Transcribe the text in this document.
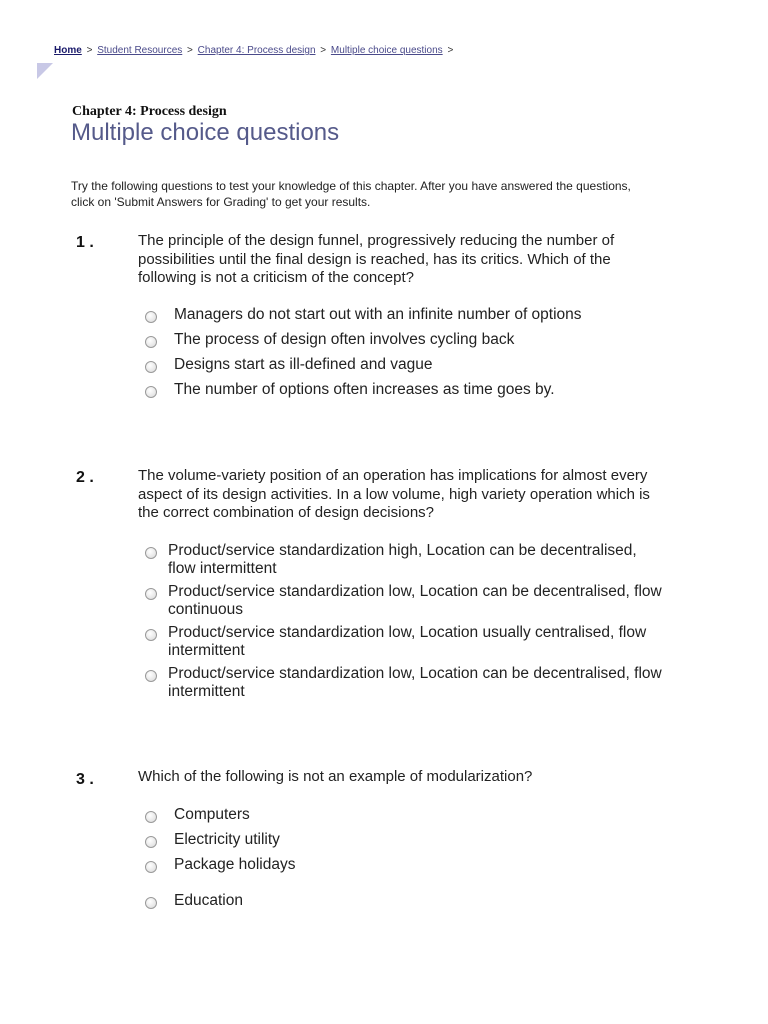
Home > Student Resources > Chapter 4: Process design > Multiple choice questions >
Chapter 4: Process design
Multiple choice questions
Try the following questions to test your knowledge of this chapter. After you have answered the questions, click on 'Submit Answers for Grading' to get your results.
1 .	The principle of the design funnel, progressively reducing the number of possibilities until the final design is reached, has its critics. Which of the following is not a criticism of the concept?
Managers do not start out with an infinite number of options
The process of design often involves cycling back
Designs start as ill-defined and vague
The number of options often increases as time goes by.
2 .	The volume-variety position of an operation has implications for almost every aspect of its design activities. In a low volume, high variety operation which is the correct combination of design decisions?
Product/service standardization high, Location can be decentralised, flow intermittent
Product/service standardization low, Location can be decentralised, flow continuous
Product/service standardization low, Location usually centralised, flow intermittent
Product/service standardization low, Location can be decentralised, flow intermittent
3 .	Which of the following is not an example of modularization?
Computers
Electricity utility
Package holidays
Education
